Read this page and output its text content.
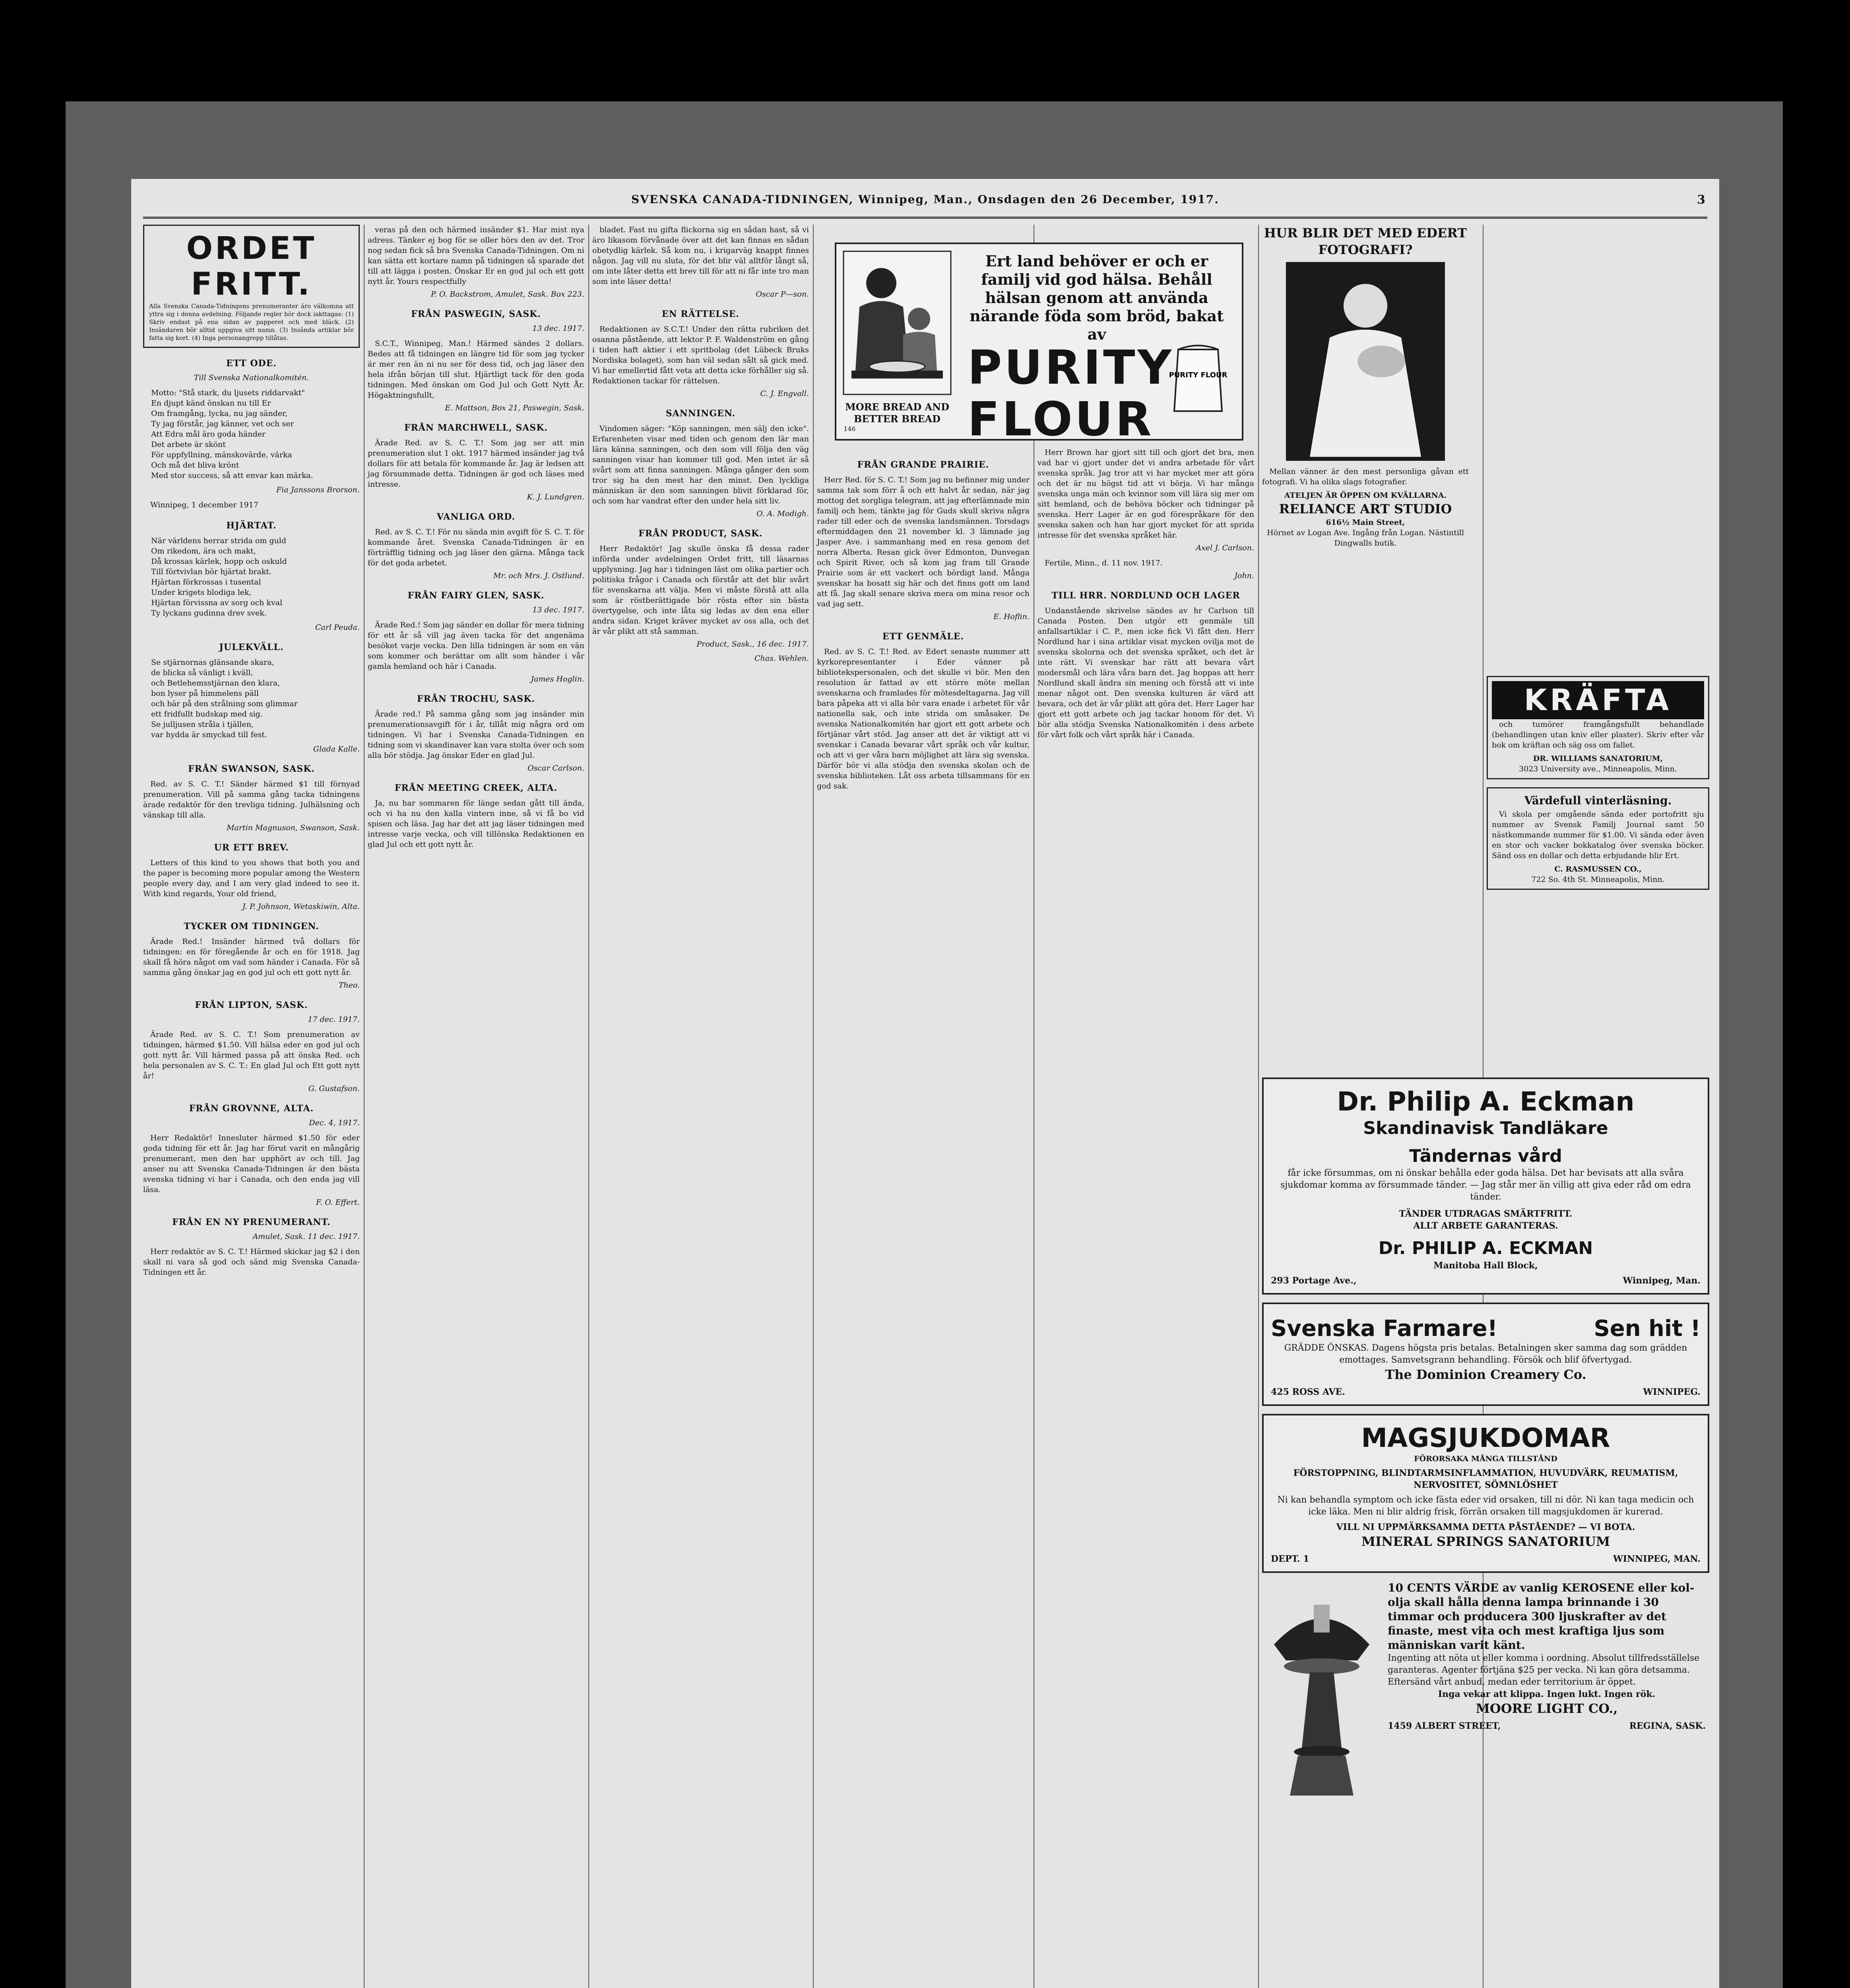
SVENSKA CANADA-TIDNINGEN, Winnipeg, Man., Onsdagen den 26 December, 1917.	3
ORDET FRITT.
Alla Svenska Canada-Tidningens prenumeranter äro välkomna att yttra sig i denna avdelning. Följande regler bör dock iakttagas: (1) Skriv endast på ena sidan av papperet och med bläck. (2) Insändaren bör alltid uppgiva sitt namn. (3) Insända artiklar bör fatta sig kort. (4) Inga personangrepp tillåtas.
ETT ODE.
Till Svenska Nationalkomitén.
Motto: "Stå stark, du ljusets riddarvakt"
En djupt känd önskan nu till Er
Om framgång, lycka, nu jag sänder,
Ty jag förstår, jag känner, vet och ser
Att Edra mål äro goda händer
Det arbete är skönt
För uppfyllning, mänskovärde, värka
Och må det bliva krönt
Med stor success, så att envar kan märka.
Fia Janssons Brorson.
Winnipeg, 1 december 1917
HJÄRTAT.
När världens herrar strida om guld
Om rikedom, ära och makt,
Då krossas kärlek, hopp och oskuld
Till förtvivlan bör hjärtat brakt.
Hjärtan förkrossas i tusental
Under krigets blodiga lek,
Hjärtan förvissna av sorg och kval
Ty lyckans gudinna drev svek.
Carl Peuda.
JULEKVÄLL.
Se stjärnornas glänsande skara,
de blicka så vänligt i kväll,
och Betlehemsstjärnan den klara,
bon lyser på himmelens päll
och bär på den strålning som glimmar
ett fridfullt budskap med sig.
Se julljusen stråla i tjällen,
var hydda är smyckad till fest.
Glada Kalle.
FRÅN SWANSON, SASK.
Red. av S. C. T.! Sänder härmed $1 till förnyad prenumeration. Vill på samma gång tacka tidningens ärade redaktör för den trevliga tidning. Julhälsning och vänskap till alla.
Martin Magnuson, Swanson, Sask.
UR ETT BREV.
Letters of this kind to you shows that both you and the paper is becoming more popular among the Western people every day, and I am very glad indeed to see it. With kind regards, Your old friend,
J. P. Johnson, Wetaskiwin, Alta.
TYCKER OM TIDNINGEN.
Ärade Red.! Insänder härmed två dollars för tidningen: en för föregående år och en för 1918. Jag skall få höra något om vad som händer i Canada. För så samma gång önskar jag en god jul och ett gott nytt år.
Theo.
FRÅN LIPTON, SASK.
17 dec. 1917.
Ärade Red. av S. C. T.! Som prenumeration av tidningen, härmed $1.50. Vill hälsa eder en god jul och gott nytt år. Vill härmed passa på att önska Red. och hela personalen av S. C. T.: En glad Jul och Ett gott nytt år!
G. Gustafson.
FRÅN GROVNNE, ALTA.
Dec. 4, 1917.
Herr Redaktör! Innesluter härmed $1.50 för eder goda tidning för ett år. Jag har förut varit en mångårig prenumerant, men den har upphört av och till. Jag anser nu att Svenska Canada-Tidningen är den bästa svenska tidning vi har i Canada, och den enda jag vill läsa.
F. O. Effert.
FRÅN EN NY PRENUMERANT.
Amulet, Sask. 11 dec. 1917.
Herr redaktör av S. C. T.! Härmed skickar jag $2 i den skall ni vara så god och sänd mig Svenska Canada-Tidningen ett år.
veras på den och härmed insänder $1. Har mist nya adress. Tänker ej bog för se oller hörs den av det. Tror nog sedan fick så bra Svenska Canada-Tidningen. Om ni kan sätta ett kortare namn på tidningen så sparade det till att lägga i posten. Önskar Er en god jul och ett gott nytt år. Yours respectfully
P. O. Backstrom, Amulet, Sask. Box 223.
FRÅN PASWEGIN, SASK.
13 dec. 1917.
S.C.T., Winnipeg, Man.! Härmed sändes 2 dollars. Bedes att få tidningen en längre tid för som jag tycker är mer ren än ni nu ser för dess tid, och jag läser den hela ifrån början till slut. Hjärtligt tack för den goda tidningen. Med önskan om God Jul och Gott Nytt År. Högaktningsfullt,
E. Mattson, Box 21, Paswegin, Sask.
FRÅN MARCHWELL, SASK.
Ärade Red. av S. C. T.! Som jag ser att min prenumeration slut 1 okt. 1917 härmed insänder jag två dollars för att betala för kommande år. Jag är ledsen att jag försummade detta. Tidningen är god och läses med intresse.
K. J. Lundgren.
VANLIGA ORD.
Red. av S. C. T.! För nu sända min avgift för S. C. T. för kommande året. Svenska Canada-Tidningen är en förträfflig tidning och jag läser den gärna. Många tack för det goda arbetet.
Mr. och Mrs. J. Ostlund.
FRÅN FAIRY GLEN, SASK.
13 dec. 1917.
Ärade Red.! Som jag sänder en dollar för mera tidning för ett år så vill jag även tacka för det angenäma besöket varje vecka. Den lilla tidningen är som en vän som kommer och berättar om allt som händer i vår gamla hemland och här i Canada.
James Hoglin.
FRÅN TROCHU, SASK.
Ärade red.! På samma gång som jag insänder min prenumerationsavgift för i år, tillåt mig några ord om tidningen. Vi har i Svenska Canada-Tidningen en tidning som vi skandinaver kan vara stolta över och som alla bör stödja. Jag önskar Eder en glad Jul.
Oscar Carlson.
FRÅN MEETING CREEK, ALTA.
Ja, nu har sommaren för länge sedan gått till ända, och vi ha nu den kalla vintern inne, så vi få bo vid spisen och läsa. Jag har det att jag läser tidningen med intresse varje vecka, och vill tillönska Redaktionen en glad Jul och ett gott nytt år.
bladet. Fast nu gifta flickorna sig en sådan hast, så vi äro likasom förvånade över att det kan finnas en sådan obetydlig kärlek. Så kom nu, i krigarväg knappt finnes någon. Jag vill nu sluta, för det blir väl alltför långt så, om inte låter detta ett brev till för att ni får inte tro man som inte läser detta!
Oscar P—son.
EN RÄTTELSE.
Redaktionen av S.C.T.! Under den rätta rubriken det osanna påstående, att lektor P. F. Waldenström en gång i tiden haft aktier i ett spritbolag (det Lübeck Bruks Nordiska bolaget), som han väl sedan sålt så gick med. Vi har emellertid fått veta att detta icke förhåller sig så. Redaktionen tackar för rättelsen.
C. J. Engvall.
SANNINGEN.
Vindomen säger: "Köp sanningen, men sälj den icke". Erfarenheten visar med tiden och genom den lär man lära känna sanningen, och den som vill följa den väg sanningen visar han kommer till god. Men intet är så svårt som att finna sanningen. Många gånger den som tror sig ha den mest har den minst. Den lyckliga människan är den som sanningen blivit förklarad för, och som har vandrat efter den under hela sitt liv.
O. A. Modigh.
FRÅN PRODUCT, SASK.
Herr Redaktör! Jag skulle önska få dessa rader införda under avdelningen Ordet fritt, till läsarnas upplysning. Jag har i tidningen läst om olika partier och politiska frågor i Canada och förstår att det blir svårt för svenskarna att välja. Men vi måste förstå att alla som är röstberättigade bör rösta efter sin bästa övertygelse, och inte låta sig ledas av den ena eller andra sidan. Kriget kräver mycket av oss alla, och det är vår plikt att stå samman.
Product, Sask., 16 dec. 1917.
Chas. Wehlen.
Ert land behöver er och er familj vid god hälsa. Behåll hälsan genom att använda närande föda som bröd, bakat av
PURITY FLOUR
PURITY FLOUR
MORE BREAD AND BETTER BREAD
146
FRÅN GRANDE PRAIRIE.
Herr Red. för S. C. T.! Som jag nu befinner mig under samma tak som förr å och ett halvt år sedan, när jag mottog det sorgliga telegram, att jag efterlämnade min familj och hem, tänkte jag för Guds skull skriva några rader till eder och de svenska landsmännen. Torsdags eftermiddagen den 21 november kl. 3 lämnade jag Jasper Ave. i sammanhang med en resa genom det norra Alberta. Resan gick över Edmonton, Dunvegan och Spirit River, och så kom jag fram till Grande Prairie som är ett vackert och bördigt land. Många svenskar ha bosatt sig här och det finns gott om land att få. Jag skall senare skriva mera om mina resor och vad jag sett.
E. Hoflin.
ETT GENMÄLE.
Red. av S. C. T.! Red. av Edert senaste nummer att kyrkorepresentanter i Eder vänner på bibliotekspersonalen, och det skulle vi bör. Men den resolution är fattad av ett större möte mellan svenskarna och framlades för mötesdeltagarna. Jag vill bara påpeka att vi alla bör vara enade i arbetet för vår nationella sak, och inte strida om småsaker. De svenska Nationalkomitén har gjort ett gott arbete och förtjänar vårt stöd. Jag anser att det är viktigt att vi svenskar i Canada bevarar vårt språk och vår kultur, och att vi ger våra barn möjlighet att lära sig svenska. Därför bör vi alla stödja den svenska skolan och de svenska biblioteken. Låt oss arbeta tillsammans för en god sak.
Herr Brown har gjort sitt till och gjort det bra, men vad har vi gjort under det vi andra arbetade för vårt svenska språk. Jag tror att vi har mycket mer att göra och det är nu högst tid att vi börja. Vi har många svenska unga män och kvinnor som vill lära sig mer om sitt hemland, och de behöva böcker och tidningar på svenska. Herr Lager är en god förespråkare för den svenska saken och han har gjort mycket för att sprida intresse för det svenska språket här.
Axel J. Carlson.
Fertile, Minn., d. 11 nov. 1917.
John.
TILL HRR. NORDLUND OCH LAGER
Undanstående skrivelse sändes av hr Carlson till Canada Posten. Den utgör ett genmäle till anfallsartiklar i C. P., men icke fick Vi fått den. Herr Nordlund har i sina artiklar visat mycken ovilja mot de svenska skolorna och det svenska språket, och det är inte rätt. Vi svenskar har rätt att bevara vårt modersmål och lära våra barn det. Jag hoppas att herr Nordlund skall ändra sin mening och förstå att vi inte menar något ont. Den svenska kulturen är värd att bevara, och det är vår plikt att göra det. Herr Lager har gjort ett gott arbete och jag tackar honom för det. Vi bör alla stödja Svenska Nationalkomitén i dess arbete för vårt folk och vårt språk här i Canada.
HUR BLIR DET MED EDERT FOTOGRAFI?
Mellan vänner är den mest personliga gåvan ett fotografi. Vi ha olika slags fotografier.
ATELJEN ÄR ÖPPEN OM KVÄLLARNA.
RELIANCE ART STUDIO
616½ Main Street,
Hörnet av Logan Ave. Ingång från Logan. Nästintill Dingwalls butik.
KRÄFTA
och tumörer framgångsfullt behandlade (behandlingen utan kniv eller plaster). Skriv efter vår bok om kräftan och säg oss om fallet.
DR. WILLIAMS SANATORIUM,
3023 University ave., Minneapolis, Minn.
Värdefull vinterläsning.
Vi skola per omgående sända eder portofritt sju nummer av Svensk Familj Journal samt 50 nästkommande nummer för $1.00. Vi sända eder även en stor och vacker bokkatalog över svenska böcker. Sänd oss en dollar och detta erbjudande blir Ert.
C. RASMUSSEN CO.,
722 So. 4th St. Minneapolis, Minn.
Dr. Philip A. Eckman
Skandinavisk Tandläkare
Tändernas vård
får icke försummas, om ni önskar behålla eder goda hälsa. Det har bevisats att alla svåra sjukdomar komma av försummade tänder. — Jag står mer än villig att giva eder råd om edra tänder.
TÄNDER UTDRAGAS SMÄRTFRITT.
ALLT ARBETE GARANTERAS.
Dr. PHILIP A. ECKMAN
Manitoba Hall Block,
293 Portage Ave.,	Winnipeg, Man.
Svenska Farmare!	Sen hit !
GRÄDDE ÖNSKAS. Dagens högsta pris betalas. Betalningen sker samma dag som grädden emottages. Samvetsgrann behandling. Försök och blif öfvertygad.
The Dominion Creamery Co.
425 ROSS AVE.	WINNIPEG.
MAGSJUKDOMAR
FÖRORSAKA MÅNGA TILLSTÅND
FÖRSTOPPNING, BLINDTARMSINFLAMMATION, HUVUDVÄRK, REUMATISM, NERVOSITET, SÖMNLÖSHET
Ni kan behandla symptom och icke fästa eder vid orsaken, till ni dör. Ni kan taga medicin och icke läka. Men ni blir aldrig frisk, förrän orsaken till magsjukdomen är kurerad.
VILL NI UPPMÄRKSAMMA DETTA PÅSTÅENDE? — VI BOTA.
MINERAL SPRINGS SANATORIUM
DEPT. 1	WINNIPEG, MAN.
10 CENTS VÄRDE av vanlig KEROSENE eller kol-olja skall hålla denna lampa brinnande i 30 timmar och producera 300 ljuskrafter av det finaste, mest vita och mest kraftiga ljus som människan varit känt.
Ingenting att nöta ut eller komma i oordning. Absolut tillfredsställelse garanteras. Agenter förtjäna $25 per vecka. Ni kan göra detsamma. Eftersänd vårt anbud, medan eder territorium är öppet.
Inga vekar att klippa. Ingen lukt. Ingen rök.
MOORE LIGHT CO.,
1459 ALBERT STREET,	REGINA, SASK.
